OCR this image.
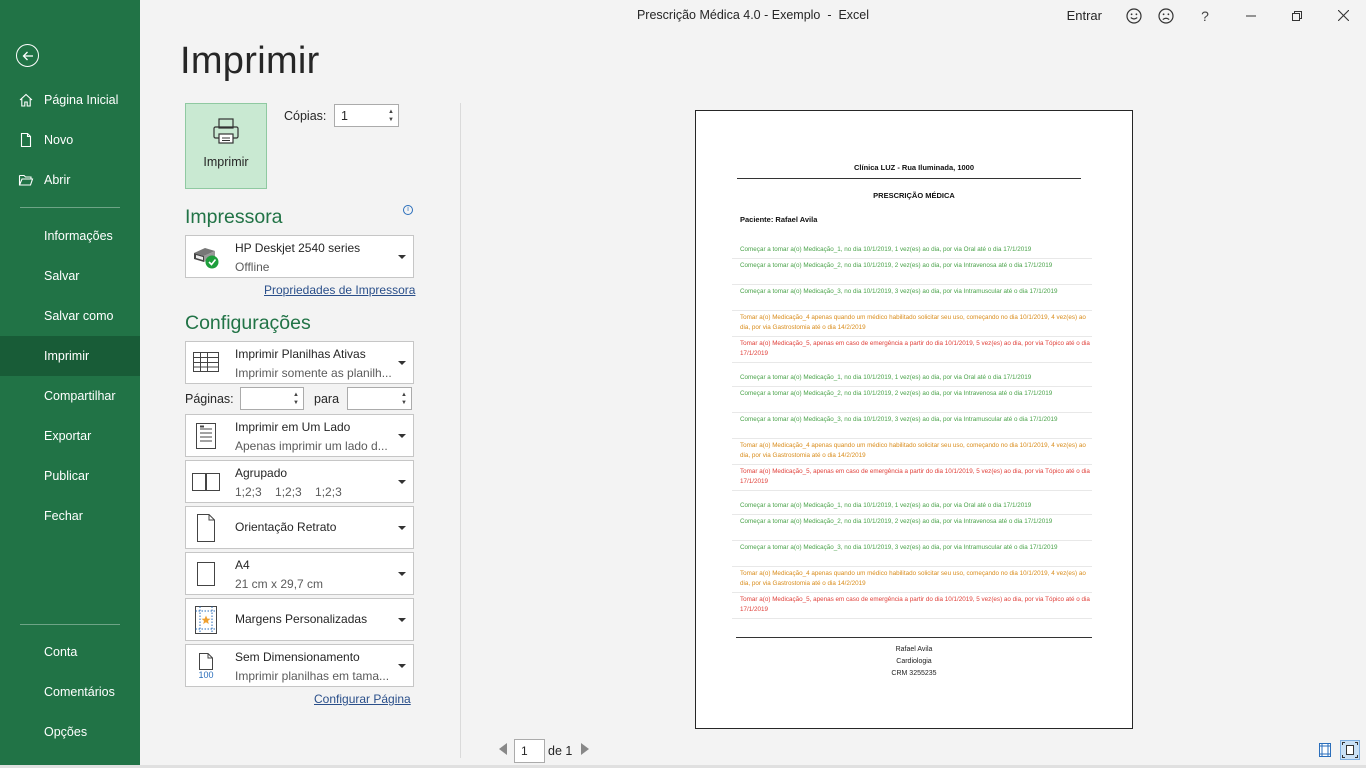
Prescrição Médica 4.0 - Exemplo  -  Excel	Entrar	?
Página Inicial
Novo
Abrir
Informações
Salvar
Salvar como
Imprimir
Compartilhar
Exportar
Publicar
Fechar
Conta
Comentários
Opções
Imprimir
Imprimir
Cópias:	1	▲
▼
Impressora	i
HP Deskjet 2540 series
Offline
Propriedades de Impressora
Configurações
Imprimir Planilhas Ativas
Imprimir somente as planilh...
Páginas:	▲
▼	para	▲
▼
Imprimir em Um Lado
Apenas imprimir um lado d...
Agrupado
1;2;3    1;2;3    1;2;3
Orientação Retrato
A4
21 cm x 29,7 cm
Margens Personalizadas
100
Sem Dimensionamento
Imprimir planilhas em tama...
Configurar Página
Clínica LUZ - Rua Iluminada, 1000
PRESCRIÇÃO MÉDICA
Paciente: Rafael Avila
Começar a tomar a(o) Medicação_1, no dia 10/1/2019, 1 vez(es) ao dia, por via Oral até o dia 17/1/2019
Começar a tomar a(o) Medicação_2, no dia 10/1/2019, 2 vez(es) ao dia, por via Intravenosa até o dia 17/1/2019
Começar a tomar a(o) Medicação_3, no dia 10/1/2019, 3 vez(es) ao dia, por via Intramuscular até o dia 17/1/2019
Tomar a(o) Medicação_4 apenas quando um médico habilitado solicitar seu uso, começando no dia 10/1/2019, 4 vez(es) ao dia, por via Gastrostomia até o dia 14/2/2019
Tomar a(o) Medicação_5, apenas em caso de emergência a partir do dia 10/1/2019, 5 vez(es) ao dia, por via Tópico até o dia 17/1/2019
Começar a tomar a(o) Medicação_1, no dia 10/1/2019, 1 vez(es) ao dia, por via Oral até o dia 17/1/2019
Começar a tomar a(o) Medicação_2, no dia 10/1/2019, 2 vez(es) ao dia, por via Intravenosa até o dia 17/1/2019
Começar a tomar a(o) Medicação_3, no dia 10/1/2019, 3 vez(es) ao dia, por via Intramuscular até o dia 17/1/2019
Tomar a(o) Medicação_4 apenas quando um médico habilitado solicitar seu uso, começando no dia 10/1/2019, 4 vez(es) ao dia, por via Gastrostomia até o dia 14/2/2019
Tomar a(o) Medicação_5, apenas em caso de emergência a partir do dia 10/1/2019, 5 vez(es) ao dia, por via Tópico até o dia 17/1/2019
Começar a tomar a(o) Medicação_1, no dia 10/1/2019, 1 vez(es) ao dia, por via Oral até o dia 17/1/2019
Começar a tomar a(o) Medicação_2, no dia 10/1/2019, 2 vez(es) ao dia, por via Intravenosa até o dia 17/1/2019
Começar a tomar a(o) Medicação_3, no dia 10/1/2019, 3 vez(es) ao dia, por via Intramuscular até o dia 17/1/2019
Tomar a(o) Medicação_4 apenas quando um médico habilitado solicitar seu uso, começando no dia 10/1/2019, 4 vez(es) ao dia, por via Gastrostomia até o dia 14/2/2019
Tomar a(o) Medicação_5, apenas em caso de emergência a partir do dia 10/1/2019, 5 vez(es) ao dia, por via Tópico até o dia 17/1/2019
Rafael Avila
Cardiologia
CRM 3255235
1	de 1
